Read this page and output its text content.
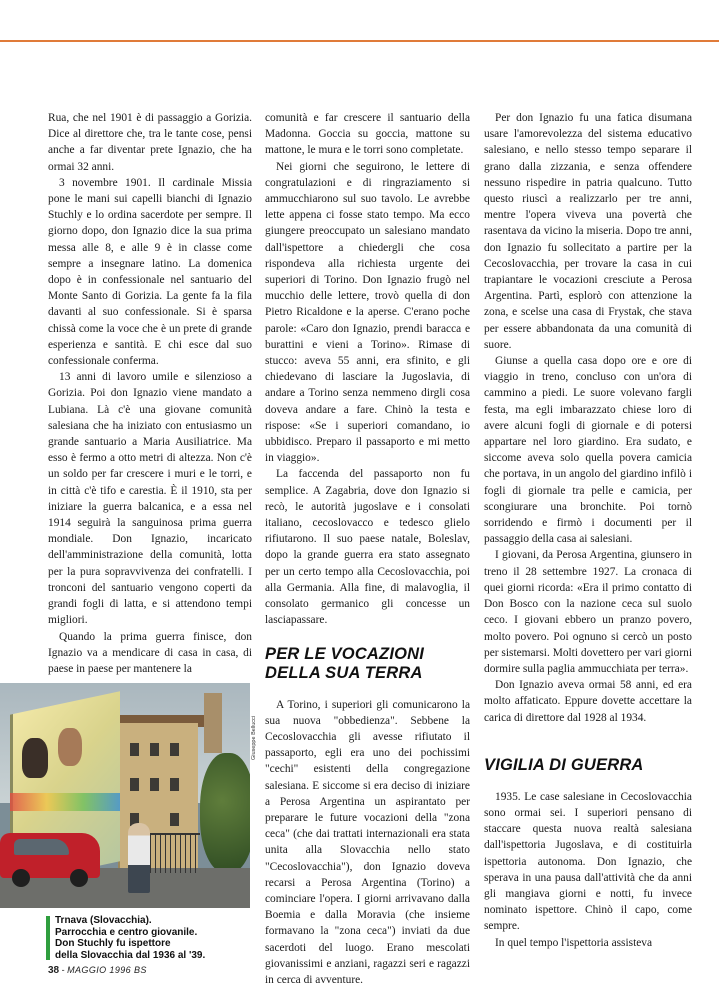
Rua, che nel 1901 è di passaggio a Gorizia. Dice al direttore che, tra le tante cose, pensi anche a far diventar prete Ignazio, che ha ormai 32 anni.

3 novembre 1901. Il cardinale Missia pone le mani sui capelli bianchi di Ignazio Stuchly e lo ordina sacerdote per sempre. Il giorno dopo, don Ignazio dice la sua prima messa alle 8, e alle 9 è in classe come sempre a insegnare latino. La domenica dopo è in confessionale nel santuario del Monte Santo di Gorizia. La gente fa la fila davanti al suo confessionale. Si è sparsa chissà come la voce che è un prete di grande esperienza e santità. E chi esce dal suo confessionale conferma.

13 anni di lavoro umile e silenzioso a Gorizia. Poi don Ignazio viene mandato a Lubiana. Là c'è una giovane comunità salesiana che ha iniziato con entusiasmo un grande santuario a Maria Ausiliatrice. Ma esso è fermo a otto metri di altezza. Non c'è un soldo per far crescere i muri e le torri, e in città c'è tifo e carestia. È il 1910, sta per iniziare la guerra balcanica, e a essa nel 1914 seguirà la sanguinosa prima guerra mondiale. Don Ignazio, incaricato dell'amministrazione della comunità, lotta per la pura sopravvivenza dei confratelli. I tronconi del santuario vengono coperti da grandi fogli di latta, e si attendono tempi migliori.

Quando la prima guerra finisce, don Ignazio va a mendicare di casa in casa, di paese in paese per mantenere la

comunità e far crescere il santuario della Madonna. Goccia su goccia, mattone su mattone, le mura e le torri sono completate.

Nei giorni che seguirono, le lettere di congratulazioni e di ringraziamento si ammucchiarono sul suo tavolo. Le avrebbe lette appena ci fosse stato tempo. Ma ecco giungere preoccupato un salesiano mandato dall'ispettore a chiedergli che cosa rispondeva alla richiesta urgente dei superiori di Torino. Don Ignazio frugò nel mucchio delle lettere, trovò quella di don Pietro Ricaldone e la aperse. C'erano poche parole: «Caro don Ignazio, prendi baracca e burattini e vieni a Torino». Rimase di stucco: aveva 55 anni, era sfinito, e gli chiedevano di lasciare la Jugoslavia, di andare a Torino senza nemmeno dirgli cosa doveva andare a fare. Chinò la testa e rispose: «Se i superiori comandano, io ubbidisco. Preparo il passaporto e mi metto in viaggio».

La faccenda del passaporto non fu semplice. A Zagabria, dove don Ignazio si recò, le autorità jugoslave e i consolati italiano, cecoslovacco e tedesco glielo rifiutarono. Il suo paese natale, Boleslav, dopo la grande guerra era stato assegnato per un certo tempo alla Cecoslovacchia, poi alla Germania. Alla fine, di malavoglia, il consolato germanico gli concesse un lasciapassare.

PER LE VOCAZIONI
DELLA SUA TERRA

A Torino, i superiori gli comunicarono la sua nuova "obbedienza". Sebbene la Cecoslovacchia gli avesse rifiutato il passaporto, egli era uno dei pochissimi "cechi" esistenti della congregazione salesiana. E siccome si era deciso di iniziare a Perosa Argentina un aspirantato per preparare le future vocazioni della "zona ceca" (che dai trattati internazionali era stata unita alla Slovacchia nello stato "Cecoslovacchia"), don Ignazio doveva recarsi a Perosa Argentina (Torino) a cominciare l'opera. I giorni arrivavano dalla Boemia e dalla Moravia (che insieme formavano la "zona ceca") inviati da due sacerdoti del luogo. Erano mescolati giovanissimi e anziani, ragazzi seri e ragazzi in cerca di avventure.

Per don Ignazio fu una fatica disumana usare l'amorevolezza del sistema educativo salesiano, e nello stesso tempo separare il grano dalla zizzania, e senza offendere nessuno rispedire in patria qualcuno. Tutto questo riuscì a realizzarlo per tre anni, mentre l'opera viveva una povertà che rasentava da vicino la miseria. Dopo tre anni, don Ignazio fu sollecitato a partire per la Cecoslovacchia, per trovare la casa in cui trapiantare le vocazioni cresciute a Perosa Argentina. Partì, esplorò con attenzione la zona, e scelse una casa di Frystak, che stava per essere abbandonata da una comunità di suore.

Giunse a quella casa dopo ore e ore di viaggio in treno, concluso con un'ora di cammino a piedi. Le suore volevano fargli festa, ma egli imbarazzato chiese loro di avere alcuni fogli di giornale e di potersi appartare nel loro giardino. Era sudato, e siccome aveva solo quella povera camicia che portava, in un angolo del giardino infilò i fogli di giornale tra pelle e camicia, per scongiurare una bronchite. Poi tornò sorridendo e firmò i documenti per il passaggio della casa ai salesiani.

I giovani, da Perosa Argentina, giunsero in treno il 28 settembre 1927. La cronaca di quei giorni ricorda: «Era il primo contatto di Don Bosco con la nazione ceca sul suolo ceco. I giovani ebbero un pranzo povero, molto povero. Poi ognuno si cercò un posto per sistemarsi. Molti dovettero per vari giorni dormire sulla paglia ammucchiata per terra».

Don Ignazio aveva ormai 58 anni, ed era molto affaticato. Eppure dovette accettare la carica di direttore dal 1928 al 1934.

VIGILIA DI GUERRA

1935. Le case salesiane in Cecoslovacchia sono ormai sei. I superiori pensano di staccare questa nuova realtà salesiana dall'ispettoria Jugoslava, e di costituirla ispettoria autonoma. Don Ignazio, che sperava in una pausa dall'attività che da anni gli mangiava giorni e notti, fu invece nominato ispettore. Chinò il capo, come sempre.

In quel tempo l'ispettoria assisteva

Giuseppe Bellucci
Trnava (Slovacchia).
Parrocchia e centro giovanile.
Don Stuchly fu ispettore
della Slovacchia dal 1936 al '39.
38 - MAGGIO 1996 BS
